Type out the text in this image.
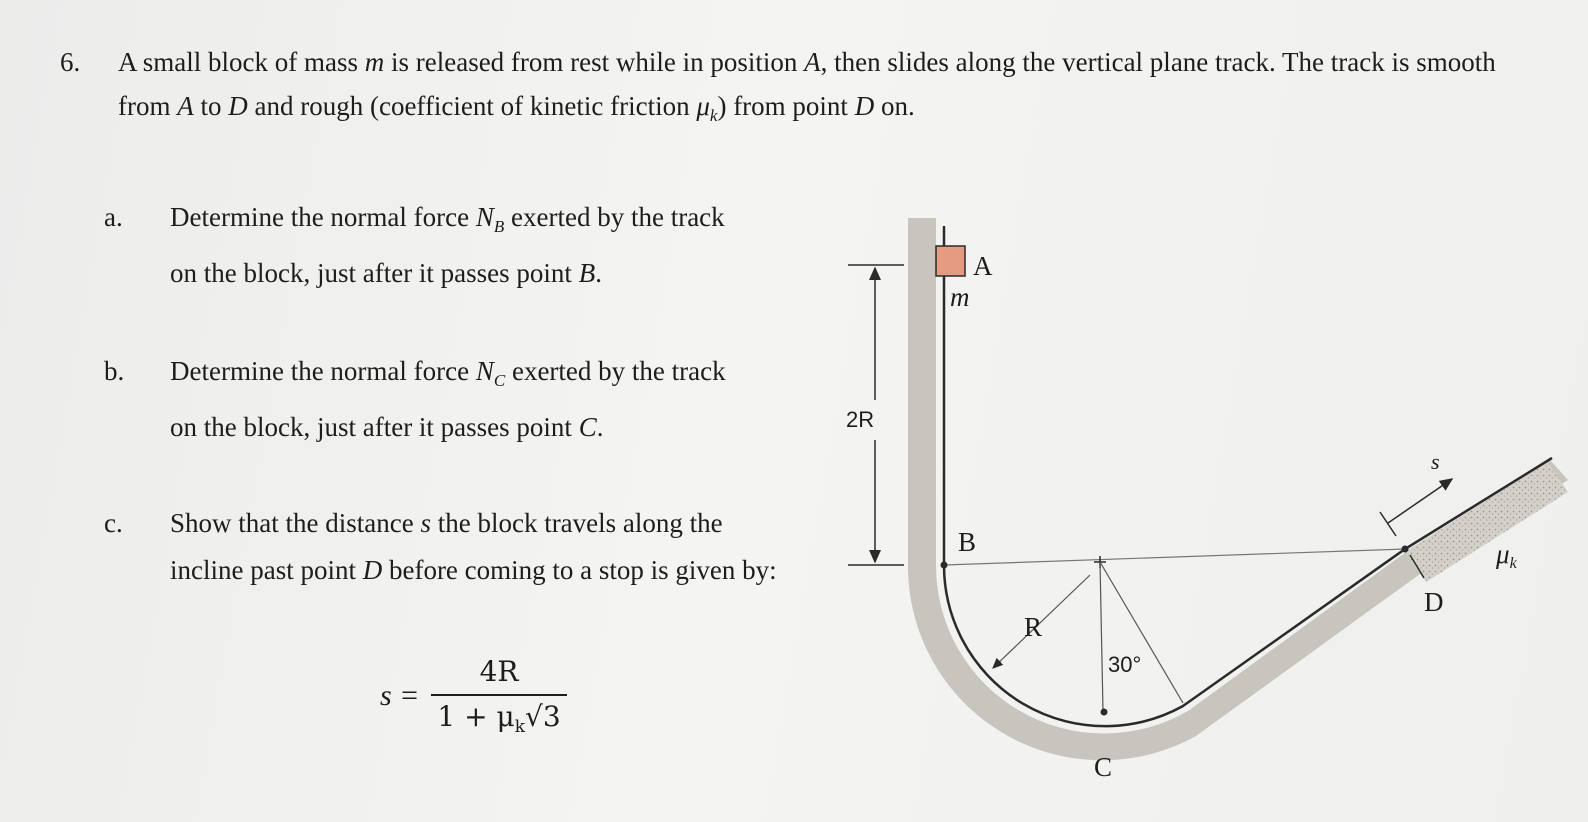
6. A small block of mass m is released from rest while in position A, then slides along the vertical plane track. The track is smooth from A to D and rough (coefficient of kinetic friction $\mu_k$) from point D on.
a. Determine the normal force $N_B$ exerted by the track on the block, just after it passes point B.
b. Determine the normal force $N_C$ exerted by the track on the block, just after it passes point C.
c. Show that the distance s the block travels along the incline past point D before coming to a stop is given by:
$s = \frac{4R}{1 + \mu_k√3}$
A
m
2R
B
R
30°
C
D
s
μk
